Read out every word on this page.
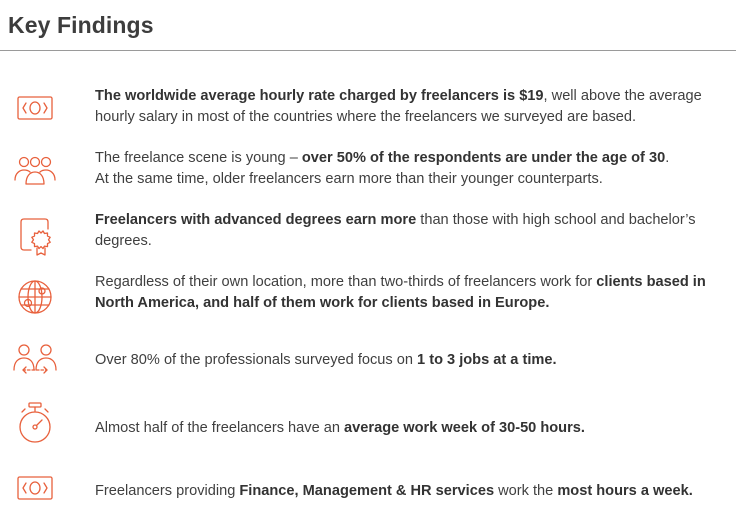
Key Findings
The worldwide average hourly rate charged by freelancers is $19, well above the average hourly salary in most of the countries where the freelancers we surveyed are based.
The freelance scene is young – over 50% of the respondents are under the age of 30.
At the same time, older freelancers earn more than their younger counterparts.
Freelancers with advanced degrees earn more than those with high school and bachelor’s degrees.
Regardless of their own location, more than two-thirds of freelancers work for clients based in North America, and half of them work for clients based in Europe.
Over 80% of the professionals surveyed focus on 1 to 3 jobs at a time.
Almost half of the freelancers have an average work week of 30-50 hours.
Freelancers providing Finance, Management & HR services work the most hours a week.
